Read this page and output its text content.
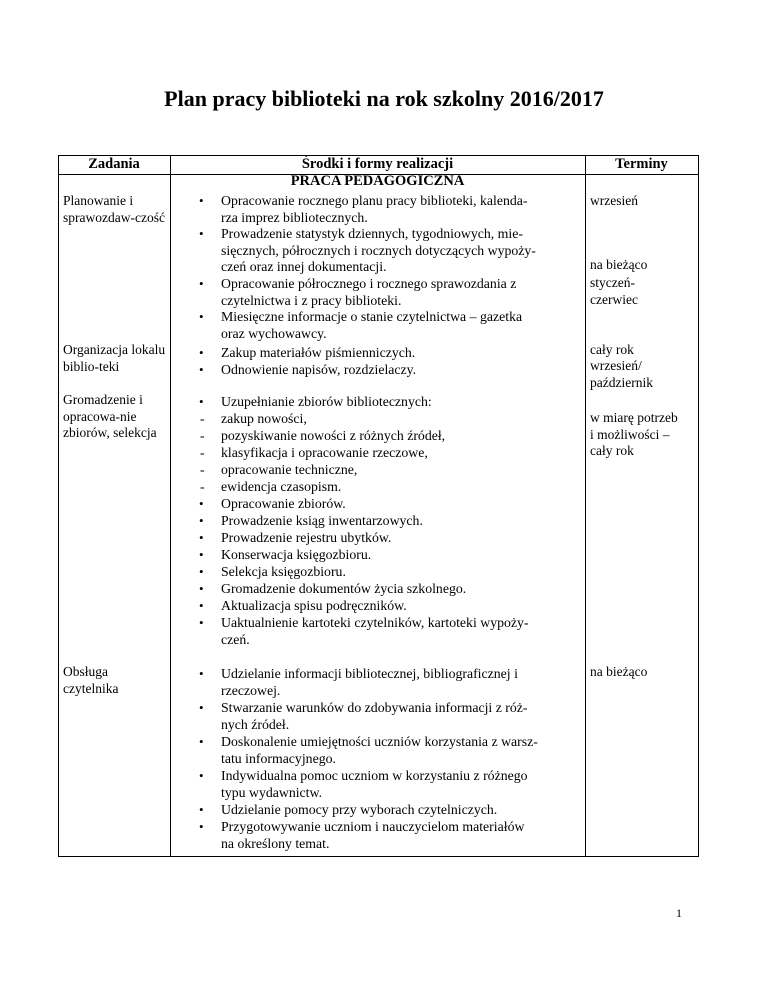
Plan pracy biblioteki na rok szkolny 2016/2017
Zadania	Środki i formy realizacji	Terminy
PRACA PEDAGOGICZNA
Planowanie i sprawozdaw-czość
wrzesień
na bieżąco
styczeń-czerwiec
• Opracowanie rocznego planu pracy biblioteki, kalenda-
rza imprez bibliotecznych.
• Prowadzenie statystyk dziennych, tygodniowych, mie-
sięcznych, półrocznych i rocznych dotyczących wypoży-
czeń oraz innej dokumentacji.
• Opracowanie półrocznego i rocznego sprawozdania z
czytelnictwa i z pracy biblioteki.
• Miesięczne informacje o stanie czytelnictwa – gazetka
oraz wychowawcy.
Organizacja lokalu biblio-teki
cały rok
wrzesień/ październik
• Zakup materiałów piśmienniczych.
• Odnowienie napisów, rozdzielaczy.
Gromadzenie i opracowa-nie zbiorów, selekcja
w miarę potrzeb i możliwości – cały rok
• Uzupełnianie zbiorów bibliotecznych:
- zakup nowości,
- pozyskiwanie nowości z różnych źródeł,
- klasyfikacja i opracowanie rzeczowe,
- opracowanie techniczne,
- ewidencja czasopism.
• Opracowanie zbiorów.
• Prowadzenie ksiąg inwentarzowych.
• Prowadzenie rejestru ubytków.
• Konserwacja księgozbioru.
• Selekcja księgozbioru.
• Gromadzenie dokumentów życia szkolnego.
• Aktualizacja spisu podręczników.
• Uaktualnienie kartoteki czytelników, kartoteki wypoży-
czeń.
Obsługa czytelnika
na bieżąco
• Udzielanie informacji bibliotecznej, bibliograficznej i
rzeczowej.
• Stwarzanie warunków do zdobywania informacji z róż-
nych źródeł.
• Doskonalenie umiejętności uczniów korzystania z warsz-
tatu informacyjnego.
• Indywidualna pomoc uczniom w korzystaniu z różnego
typu wydawnictw.
• Udzielanie pomocy przy wyborach czytelniczych.
• Przygotowywanie uczniom i nauczycielom materiałów
na określony temat.
1
